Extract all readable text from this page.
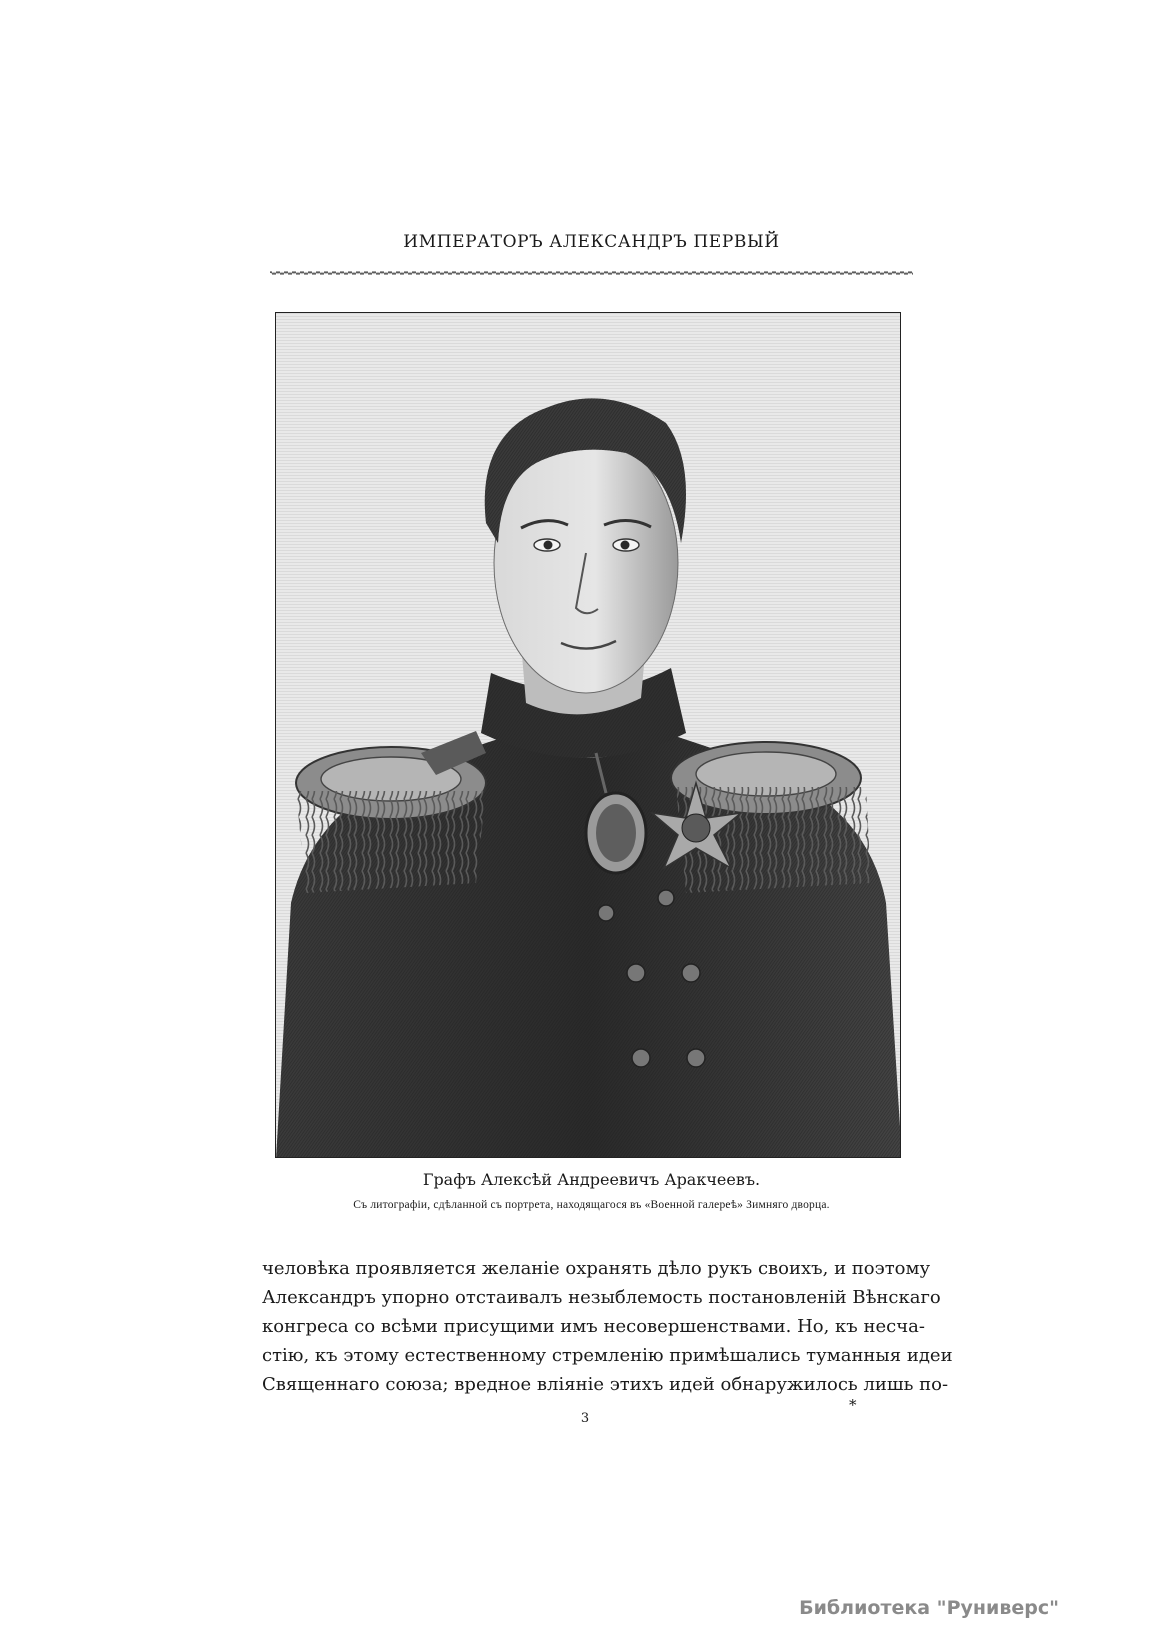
ИМПЕРАТОРЪ АЛЕКСАНДРЪ ПЕРВЫЙ
Графъ Алексѣй Андреевичъ Аракчеевъ.
Съ литографіи, сдѣланной съ портрета, находящагося въ «Военной галереѣ» Зимняго дворца.
человѣка проявляется желаніе охранять дѣло рукъ своихъ, и поэтому
Александръ упорно отстаивалъ незыблемость постановленій Вѣнскаго
конгреса со всѣми присущими имъ несовершенствами. Но, къ несча-
стію, къ этому естественному стремленію примѣшались туманныя идеи
Священнаго союза; вредное вліяніе этихъ идей обнаружилось лишь по-
*
3
Библиотека "Руниверс"
